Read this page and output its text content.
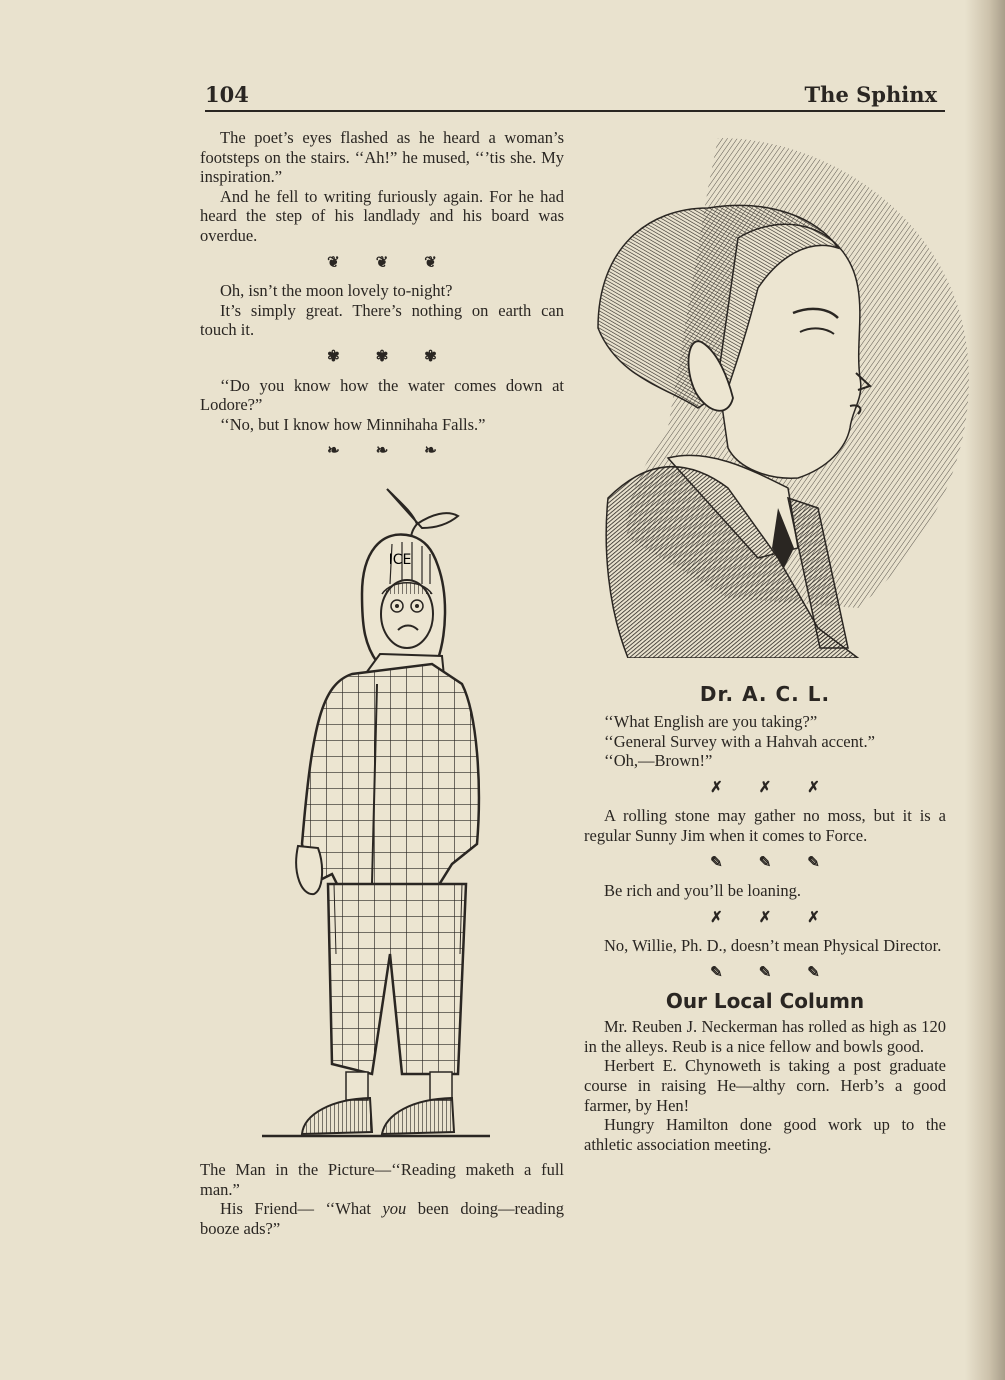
104	The Sphinx

The poet’s eyes flashed as he heard a woman’s footsteps on the stairs. ‘‘Ah!” he mused, ‘‘’tis she. My inspiration.”

And he fell to writing furiously again. For he had heard the step of his landlady and his board was overdue.

❦❦❦

Oh, isn’t the moon lovely to-night?

It’s simply great. There’s nothing on earth can touch it.

✾✾✾

‘‘Do you know how the water comes down at Lodore?”

‘‘No, but I know how Minnihaha Falls.”

❧❧❧
ICE

The Man in the Picture—‘‘Reading maketh a full man.”

His Friend— ‘‘What you been doing—reading booze ads?”

Dr. A. C. L.

‘‘What English are you taking?”

‘‘General Survey with a Hahvah accent.”

‘‘Oh,—Brown!”

✗✗✗

A rolling stone may gather no moss, but it is a regular Sunny Jim when it comes to Force.

✎✎✎

Be rich and you’ll be loaning.

✗✗✗

No, Willie, Ph. D., doesn’t mean Physical Director.

✎✎✎
Our Local Column

Mr. Reuben J. Neckerman has rolled as high as 120 in the alleys. Reub is a nice fellow and bowls good.

Herbert E. Chynoweth is taking a post graduate course in raising He—althy corn. Herb’s a good farmer, by Hen!

Hungry Hamilton done good work up to the athletic association meeting.
